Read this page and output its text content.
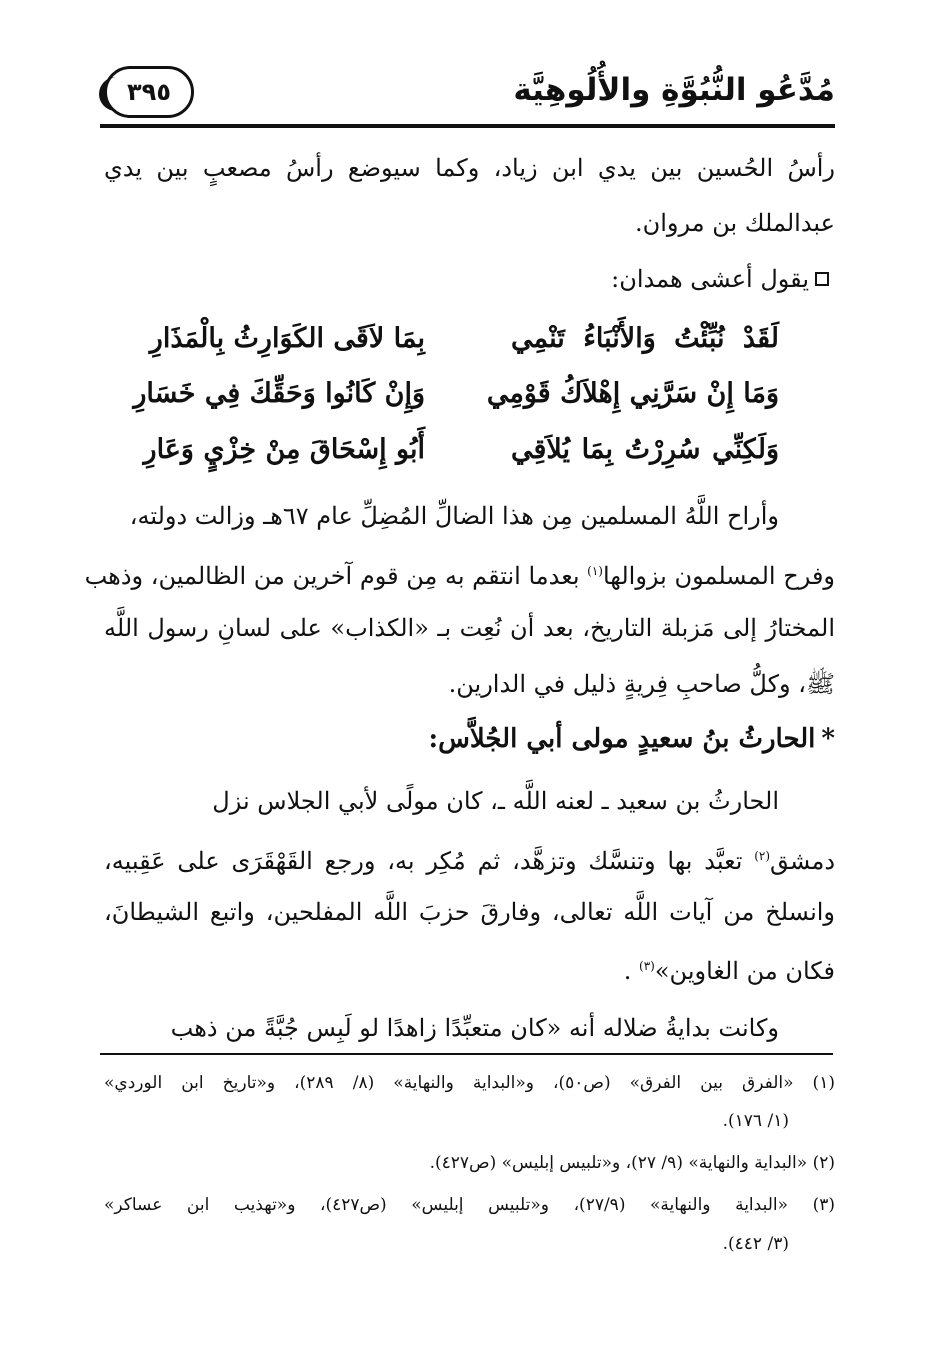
مُدَّعُو النُّبُوَّةِ والأُلُوهِيَّة
٣٩٥
رأسُ الحُسين بين يدي ابن زياد، وكما سيوضع رأسُ مصعبٍ بين يدي
عبدالملك بن مروان.
يقول أعشى همدان:
لَقَدْ نُبِّئْتُ وَالأَنْبَاءُ تَنْمِي
بِمَا لاَقَى الكَوَارِثُ بِالْمَذَارِ
وَمَا إِنْ سَرَّنِي إِهْلاَكُ قَوْمِي
وَإِنْ كَانُوا وَحَقِّكَ فِي خَسَارِ
وَلَكِنِّي سُرِرْتُ بِمَا يُلاَقِي
أَبُو إِسْحَاقَ مِنْ خِزْيٍ وَعَارِ
وأراح اللَّهُ المسلمين مِن هذا الضالِّ المُضِلِّ عام ٦٧هـ وزالت دولته،
وفرح المسلمون بزوالها$^{(١)}$ بعدما انتقم به مِن قوم آخرين من الظالمين، وذهب
المختارُ إلى مَزبلة التاريخ، بعد أن نُعِت بـ «الكذاب» على لسانِ رسول اللَّه
ﷺ، وكلُّ صاحبِ فِريةٍ ذليل في الدارين.
*الحارثُ بنُ سعيدٍ مولى أبي الجُلاَّس:
الحارثُ بن سعيد ـ لعنه اللَّه ـ، كان مولًى لأبي الجلاس نزل
دمشق$^{(٢)}$ تعبَّد بها وتنسَّك وتزهَّد، ثم مُكِر به، ورجع القَهْقَرَى على عَقِبيه،
وانسلخ من آيات اللَّه تعالى، وفارقَ حزبَ اللَّه المفلحين، واتبع الشيطانَ،
فكان من الغاوين»$^{(٣)}$ .
وكانت بدايةُ ضلاله أنه «كان متعبِّدًا زاهدًا لو لَبِس جُبَّةً من ذهب
(١) «الفرق بين الفرق» (ص٥٠)، و«البداية والنهاية» (٨/ ٢٨٩)، و«تاريخ ابن الوردي»
(١/ ١٧٦).
(٢) «البداية والنهاية» (٩/ ٢٧)، و«تلبيس إبليس» (ص٤٢٧).
(٣) «البداية والنهاية» (٢٧/٩)، و«تلبيس إبليس» (ص٤٢٧)، و«تهذيب ابن عساكر»
(٣/ ٤٤٢).
